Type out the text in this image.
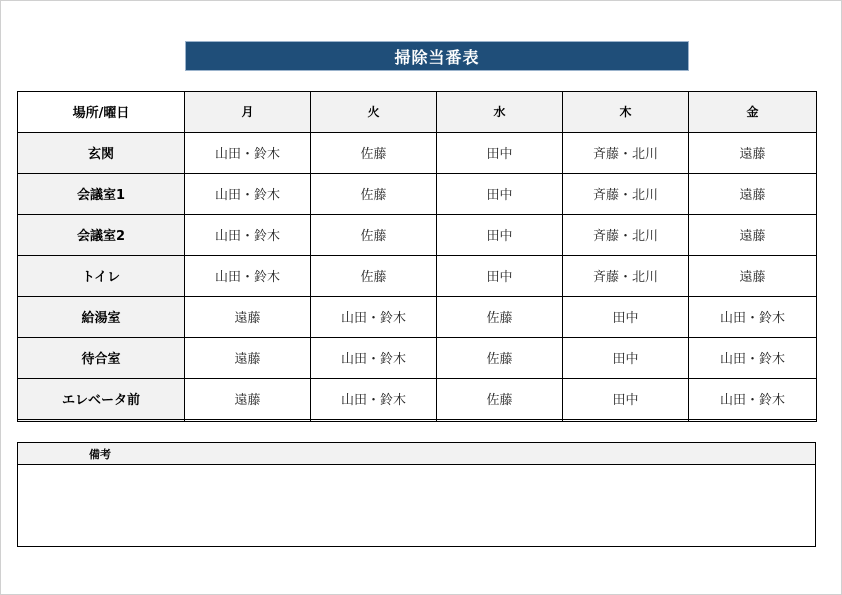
掃除当番表
場所/曜日	月	火	水	木	金
玄関	山田・鈴木	佐藤	田中	斉藤・北川	遠藤
会議室1	山田・鈴木	佐藤	田中	斉藤・北川	遠藤
会議室2	山田・鈴木	佐藤	田中	斉藤・北川	遠藤
トイレ	山田・鈴木	佐藤	田中	斉藤・北川	遠藤
給湯室	遠藤	山田・鈴木	佐藤	田中	山田・鈴木
待合室	遠藤	山田・鈴木	佐藤	田中	山田・鈴木
エレベータ前	遠藤	山田・鈴木	佐藤	田中	山田・鈴木

備考
